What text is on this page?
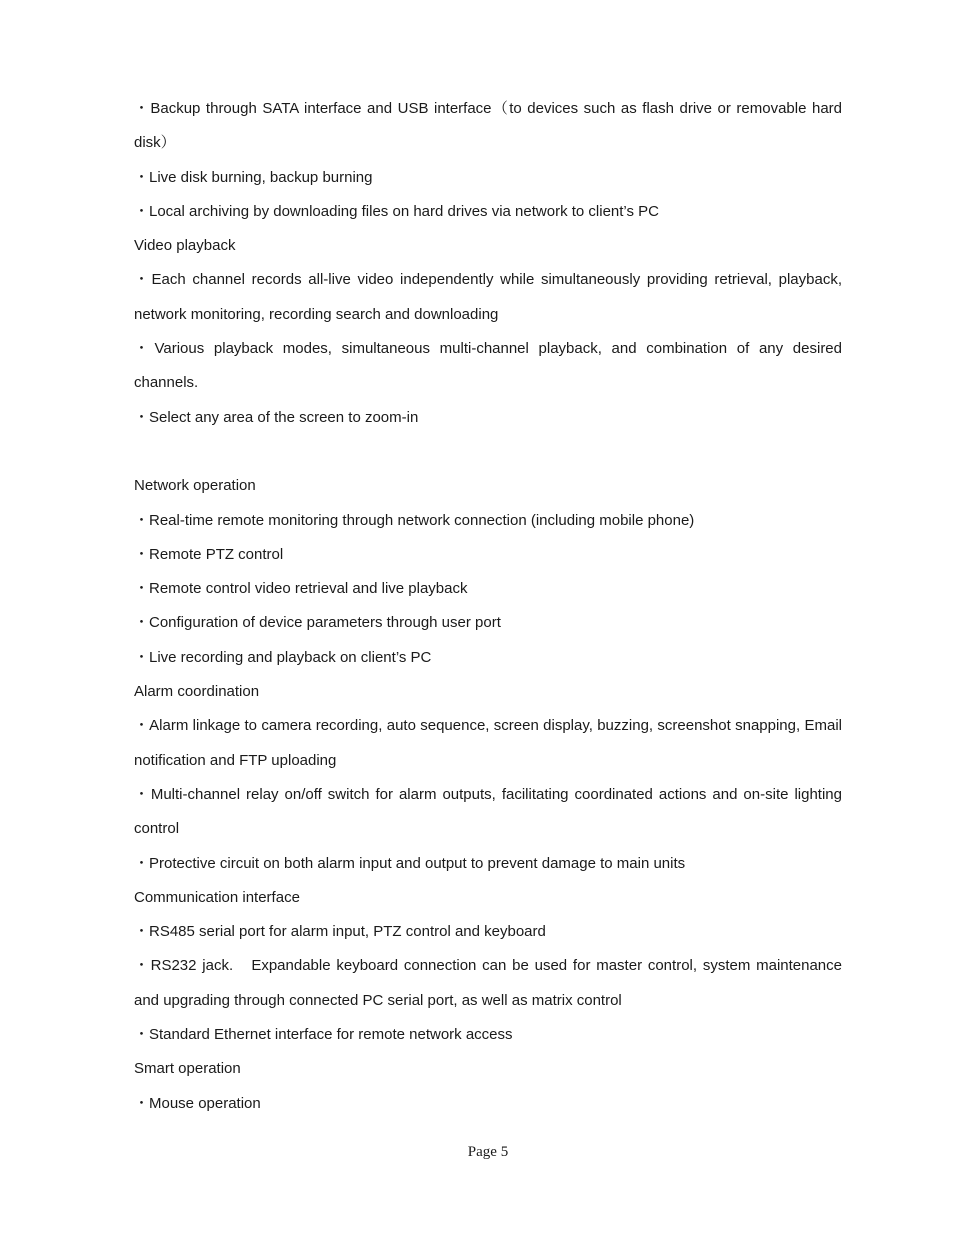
・Backup through SATA interface and USB interface（to devices such as flash drive or removable hard disk）

・Live disk burning, backup burning

・Local archiving by downloading files on hard drives via network to client’s PC

Video playback

・Each channel records all-live video independently while simultaneously providing retrieval, playback, network monitoring, recording search and downloading

・Various playback modes, simultaneous multi-channel playback, and combination of any desired channels.

・Select any area of the screen to zoom-in

Network operation

・Real-time remote monitoring through network connection (including mobile phone)

・Remote PTZ control

・Remote control video retrieval and live playback

・Configuration of device parameters through user port

・Live recording and playback on client’s PC

Alarm coordination

・Alarm linkage to camera recording, auto sequence, screen display, buzzing, screenshot snapping, Email notification and FTP uploading

・Multi-channel relay on/off switch for alarm outputs, facilitating coordinated actions and on-site lighting control

・Protective circuit on both alarm input and output to prevent damage to main units

Communication interface

・RS485 serial port for alarm input, PTZ control and keyboard

・RS232 jack.　Expandable keyboard connection can be used for master control, system maintenance and upgrading through connected PC serial port, as well as matrix control

・Standard Ethernet interface for remote network access

Smart operation

・Mouse operation

Page 5
